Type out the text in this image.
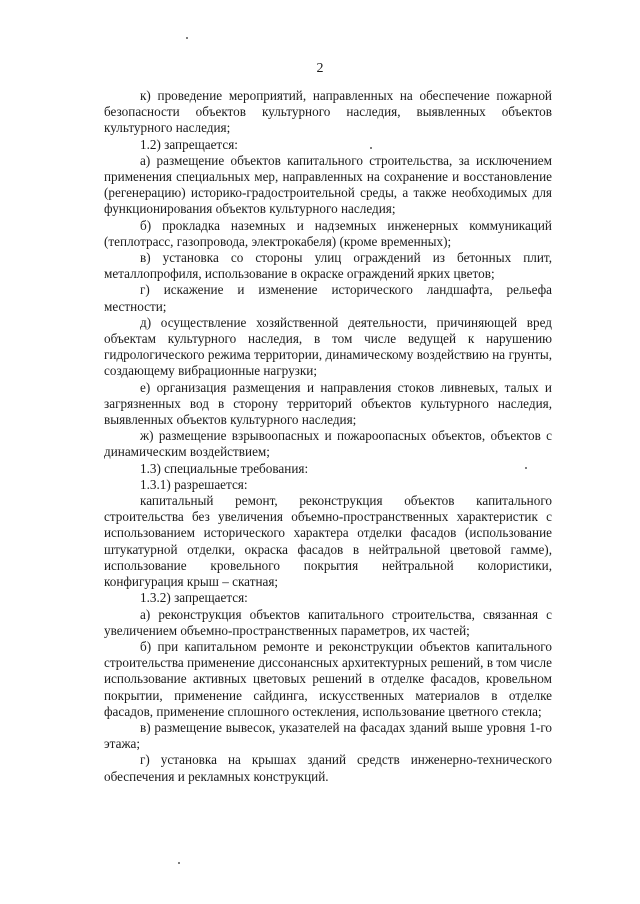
2

к) проведение мероприятий, направленных на обеспечение пожарной безопасности объектов культурного наследия, выявленных объектов культурного наследия;

1.2) запрещается:

а) размещение объектов капитального строительства, за исключением применения специальных мер, направленных на сохранение и восстановление (регенерацию) историко-градостроительной среды, а также необходимых для функционирования объектов культурного наследия;

б) прокладка наземных и надземных инженерных коммуникаций (теплотрасс, газопровода, электрокабеля) (кроме временных);

в) установка со стороны улиц ограждений из бетонных плит, металлопрофиля, использование в окраске ограждений ярких цветов;

г) искажение и изменение исторического ландшафта, рельефа местности;

д) осуществление хозяйственной деятельности, причиняющей вред объектам культурного наследия, в том числе ведущей к нарушению гидрологического режима территории, динамическому воздействию на грунты, создающему вибрационные нагрузки;

е) организация размещения и направления стоков ливневых, талых и загрязненных вод в сторону территорий объектов культурного наследия, выявленных объектов культурного наследия;

ж) размещение взрывоопасных и пожароопасных объектов, объектов с динамическим воздействием;

1.3) специальные требования:

1.3.1) разрешается:

капитальный ремонт, реконструкция объектов капитального строительства без увеличения объемно-пространственных характеристик с использованием исторического характера отделки фасадов (использование штукатурной отделки, окраска фасадов в нейтральной цветовой гамме), использование кровельного покрытия нейтральной колористики, конфигурация крыш – скатная;

1.3.2) запрещается:

а) реконструкция объектов капитального строительства, связанная с увеличением объемно-пространственных параметров, их частей;

б) при капитальном ремонте и реконструкции объектов капитального строительства применение диссонансных архитектурных решений, в том числе использование активных цветовых решений в отделке фасадов, кровельном покрытии, применение сайдинга, искусственных материалов в отделке фасадов, применение сплошного остекления, использование цветного стекла;

в) размещение вывесок, указателей на фасадах зданий выше уровня 1-го этажа;

г) установка на крышах зданий средств инженерно-технического обеспечения и рекламных конструкций.
